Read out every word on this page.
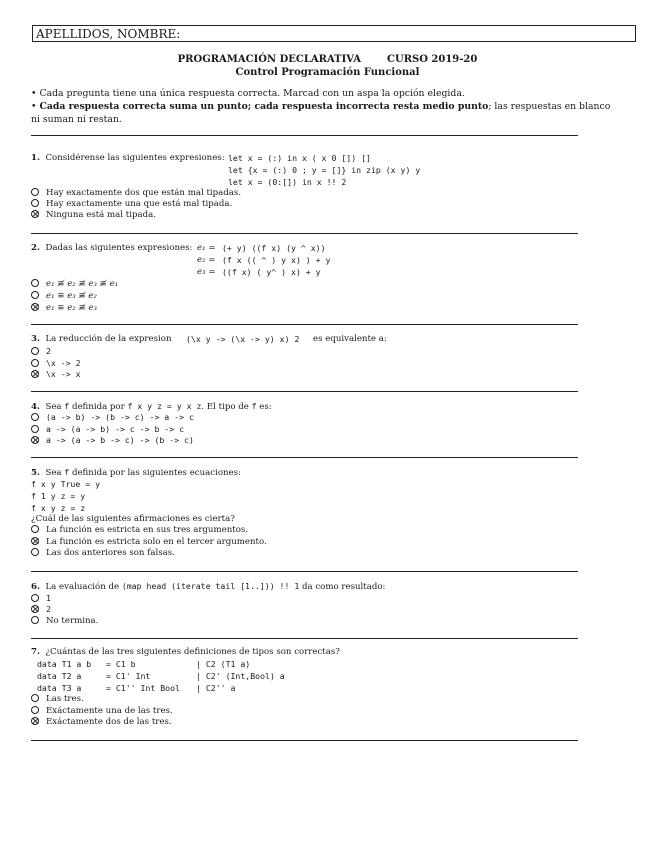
APELLIDOS, NOMBRE:
PROGRAMACIÓN DECLARATIVA	CURSO 2019-20
Control Programación Funcional
• Cada pregunta tiene una única respuesta correcta. Marcad con un aspa la opción elegida.
• Cada respuesta correcta suma un punto; cada respuesta incorrecta resta medio punto; las respuestas en blanco ni suman ni restan.
1. Considérense las siguientes expresiones: let x = (:) in x ( x 0 []) []
let {x = (:) 0 ; y = []} in zip (x y) y
let x = (0:[]) in x !! 2
Hay exactamente dos que están mal tipadas.
Hay exactamente una que está mal tipada.
Ninguna está mal tipada.
2. Dadas las siguientes expresiones: e₁ = (+ y) ((f x) (y ^ x))
e₂ = (f x (( ^ ) y x) ) + y
e₃ = ((f x) ( y^ ) x) + y
e₁ ≢ e₂ ≢ e₃ ≢ e₁
e₁ ≡ e₃ ≢ e₂
e₁ ≡ e₂ ≢ e₃
3. La reducción de la expresion (\x y -> (\x -> y) x) 2 es equivalente a:
2
\x -> 2
\x -> x
4. Sea f definida por f x y z = y x z. El tipo de f es:
(a -> b) -> (b -> c) -> a -> c
a -> (a -> b) -> c -> b -> c
a -> (a -> b -> c) -> (b -> c)
5. Sea f definida por las siguientes ecuaciones:
f x y True = y
f 1 y z = y
f x y z = z
¿Cuál de las siguientes afirmaciones es cierta?
La función es estricta en sus tres argumentos.
La función es estricta solo en el tercer argumento.
Las dos anteriores son falsas.
6. La evaluación de (map head (iterate tail [1..])) !! 1 da como resultado:
1
2
No termina.
7. ¿Cuántas de las tres siguientes definiciones de tipos son correctas?
data T1 a b = C1 b	| C2 (T1 a)
data T2 a	= C1' Int	| C2' (Int,Bool) a
data T3 a	= C1'' Int Bool | C2'' a
Las tres.
Exáctamente una de las tres.
Exáctamente dos de las tres.
